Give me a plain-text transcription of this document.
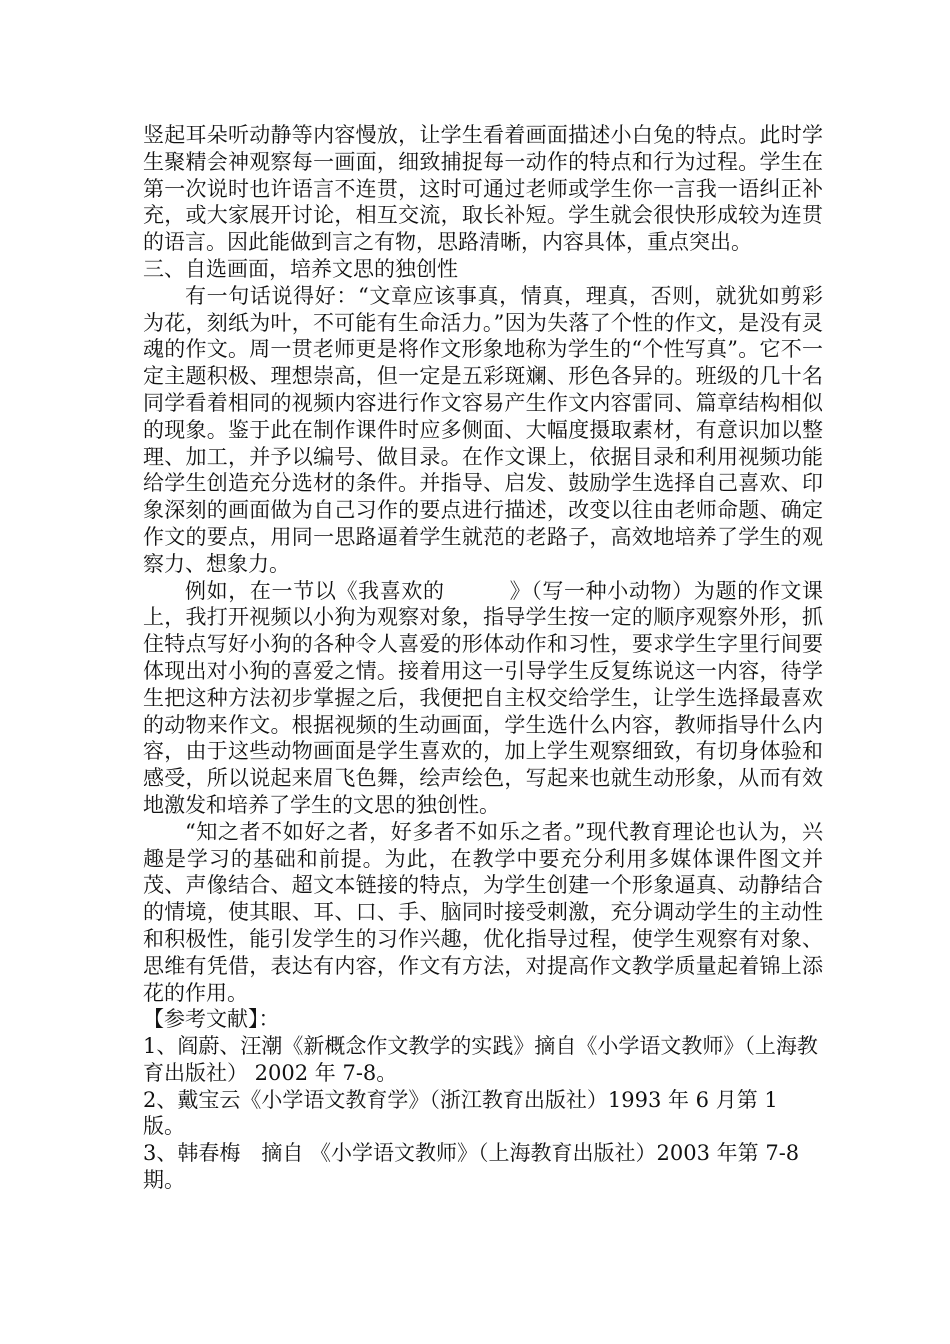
竖起耳朵听动静等内容慢放，让学生看着画面描述小白兔的特点。此时学生聚精会神观察每一画面，细致捕捉每一动作的特点和行为过程。学生在第一次说时也许语言不连贯，这时可通过老师或学生你一言我一语纠正补充，或大家展开讨论，相互交流，取长补短。学生就会很快形成较为连贯的语言。因此能做到言之有物，思路清晰，内容具体，重点突出。

三、自选画面，培养文思的独创性

有一句话说得好：“文章应该事真，情真，理真，否则，就犹如剪彩为花，刻纸为叶，不可能有生命活力。”因为失落了个性的作文，是没有灵魂的作文。周一贯老师更是将作文形象地称为学生的“个性写真”。它不一定主题积极、理想崇高，但一定是五彩斑斓、形色各异的。班级的几十名同学看着相同的视频内容进行作文容易产生作文内容雷同、篇章结构相似的现象。鉴于此在制作课件时应多侧面、大幅度摄取素材，有意识加以整理、加工，并予以编号、做目录。在作文课上，依据目录和利用视频功能给学生创造充分选材的条件。并指导、启发、鼓励学生选择自己喜欢、印象深刻的画面做为自己习作的要点进行描述，改变以往由老师命题、确定作文的要点，用同一思路逼着学生就范的老路子，高效地培养了学生的观察力、想象力。

例如，在一节以《我喜欢的　　　》（写一种小动物）为题的作文课上，我打开视频以小狗为观察对象，指导学生按一定的顺序观察外形，抓住特点写好小狗的各种令人喜爱的形体动作和习性，要求学生字里行间要体现出对小狗的喜爱之情。接着用这一引导学生反复练说这一内容，待学生把这种方法初步掌握之后，我便把自主权交给学生，让学生选择最喜欢的动物来作文。根据视频的生动画面，学生选什么内容，教师指导什么内容，由于这些动物画面是学生喜欢的，加上学生观察细致，有切身体验和感受，所以说起来眉飞色舞，绘声绘色，写起来也就生动形象，从而有效地激发和培养了学生的文思的独创性。

“知之者不如好之者，好多者不如乐之者。”现代教育理论也认为，兴趣是学习的基础和前提。为此，在教学中要充分利用多媒体课件图文并茂、声像结合、超文本链接的特点，为学生创建一个形象逼真、动静结合的情境，使其眼、耳、口、手、脑同时接受刺激，充分调动学生的主动性和积极性，能引发学生的习作兴趣，优化指导过程，使学生观察有对象、思维有凭借，表达有内容，作文有方法，对提高作文教学质量起着锦上添花的作用。

【参考文献】：

1、阎蔚、汪潮《新概念作文教学的实践》摘自《小学语文教师》（上海教育出版社） 2002 年 7-8。

2、戴宝云《小学语文教育学》（浙江教育出版社）1993 年 6 月第 1 版。

3、韩春梅　摘自 《小学语文教师》（上海教育出版社）2003 年第 7-8 期。
